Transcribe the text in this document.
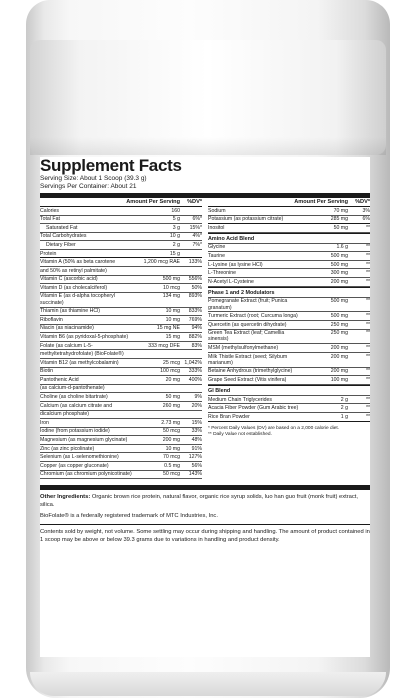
Supplement Facts
Serving Size: About 1 Scoop (39.3 g)
Servings Per Container: About 21
Amount Per Serving	%DV*
Calories	160
Total Fat	5 g	6%*
Saturated Fat	3 g	15%*
Total Carbohydrates	10 g	4%*
Dietary Fiber	2 g	7%*
Protein	15 g
Vitamin A (50% as beta carotene	1,200 mcg RAE	133%
and 50% as retinyl palmitate)
Vitamin C (ascorbic acid)	500 mg	556%
Vitamin D (as cholecalciferol)	10 mcg	50%
Vitamin E (as d-alpha tocopheryl succinate)
134 mg	893%
Thiamin (as thiamine HCl)	10 mg	833%
Riboflavin	10 mg	769%
Niacin (as niacinamide)	15 mg NE	94%
Vitamin B6 (as pyridoxal-5-phosphate)	15 mg	882%
Folate (as calcium L-5-	333 mcg DFE	83%
methyltetrahydrofolate) (BioFolate®)
Vitamin B12 (as methylcobalamin)	25 mcg 1,042%
Biotin	100 mcg	333%
Pantothenic Acid	20 mg	400%
(as calcium-d-pantothenate)
Choline (as choline bitartrate)	50 mg	9%
Calcium (as calcium citrate and	260 mg	20%
dicalcium phosphate)
Iron	2.73 mg	15%
Iodine (from potassium iodide)	50 mcg	33%
Magnesium (as magnesium glycinate)	200 mg	48%
Zinc (as zinc picolinate)	10 mg	91%
Selenium (as L-selenomethionine)	70 mcg	127%
Copper (as copper gluconate)	0.5 mg	56%
Chromium (as chromium polynicotinate)	50 mcg	143%
Amount Per Serving	%DV*
Sodium	70 mg	3%
Potassium (as potassium citrate)	285 mg	6%
Inositol	50 mg	**
Amino Acid Blend
Glycine	1.6 g	**
Taurine	500 mg	**
L-Lysine (as lysine HCl)	500 mg	**
L-Threonine	300 mg	**
N-Acetyl L-Cysteine	200 mg	**
Phase 1 and 2 Modulators
Pomegranate Extract (fruit; Punica granatum)
500 mg	**
Turmeric Extract (root; Curcuma longa)	500 mg	**
Quercetin (as quercetin dihydrate)	250 mg	**
Green Tea Extract (leaf; Camellia sinensis)
250 mg	**
MSM (methylsulfonylmethane)	200 mg	**
Milk Thistle Extract (seed; Silybum marianum)
200 mg	**
Betaine Anhydrous (trimethylglycine)	200 mg	**
Grape Seed Extract (Vitis vinifera)	100 mg	**
GI Blend
Medium Chain Triglycerides	2 g	**
Acacia Fiber Powder (Gum Arabic tree)	2 g	**
Rice Bran Powder	1 g	**
* Percent Daily Values (DV) are based on a 2,000 calorie diet.
** Daily Value not established.
Other Ingredients: Organic brown rice protein, natural flavor, organic rice syrup solids, luo han guo fruit (monk fruit) extract, silica.
BioFolate® is a federally registered trademark of MTC Industries, Inc.
Contents sold by weight, not volume. Some settling may occur during shipping and handling. The amount of product contained in 1 scoop may be above or below 39.3 grams due to variations in handling and product density.
